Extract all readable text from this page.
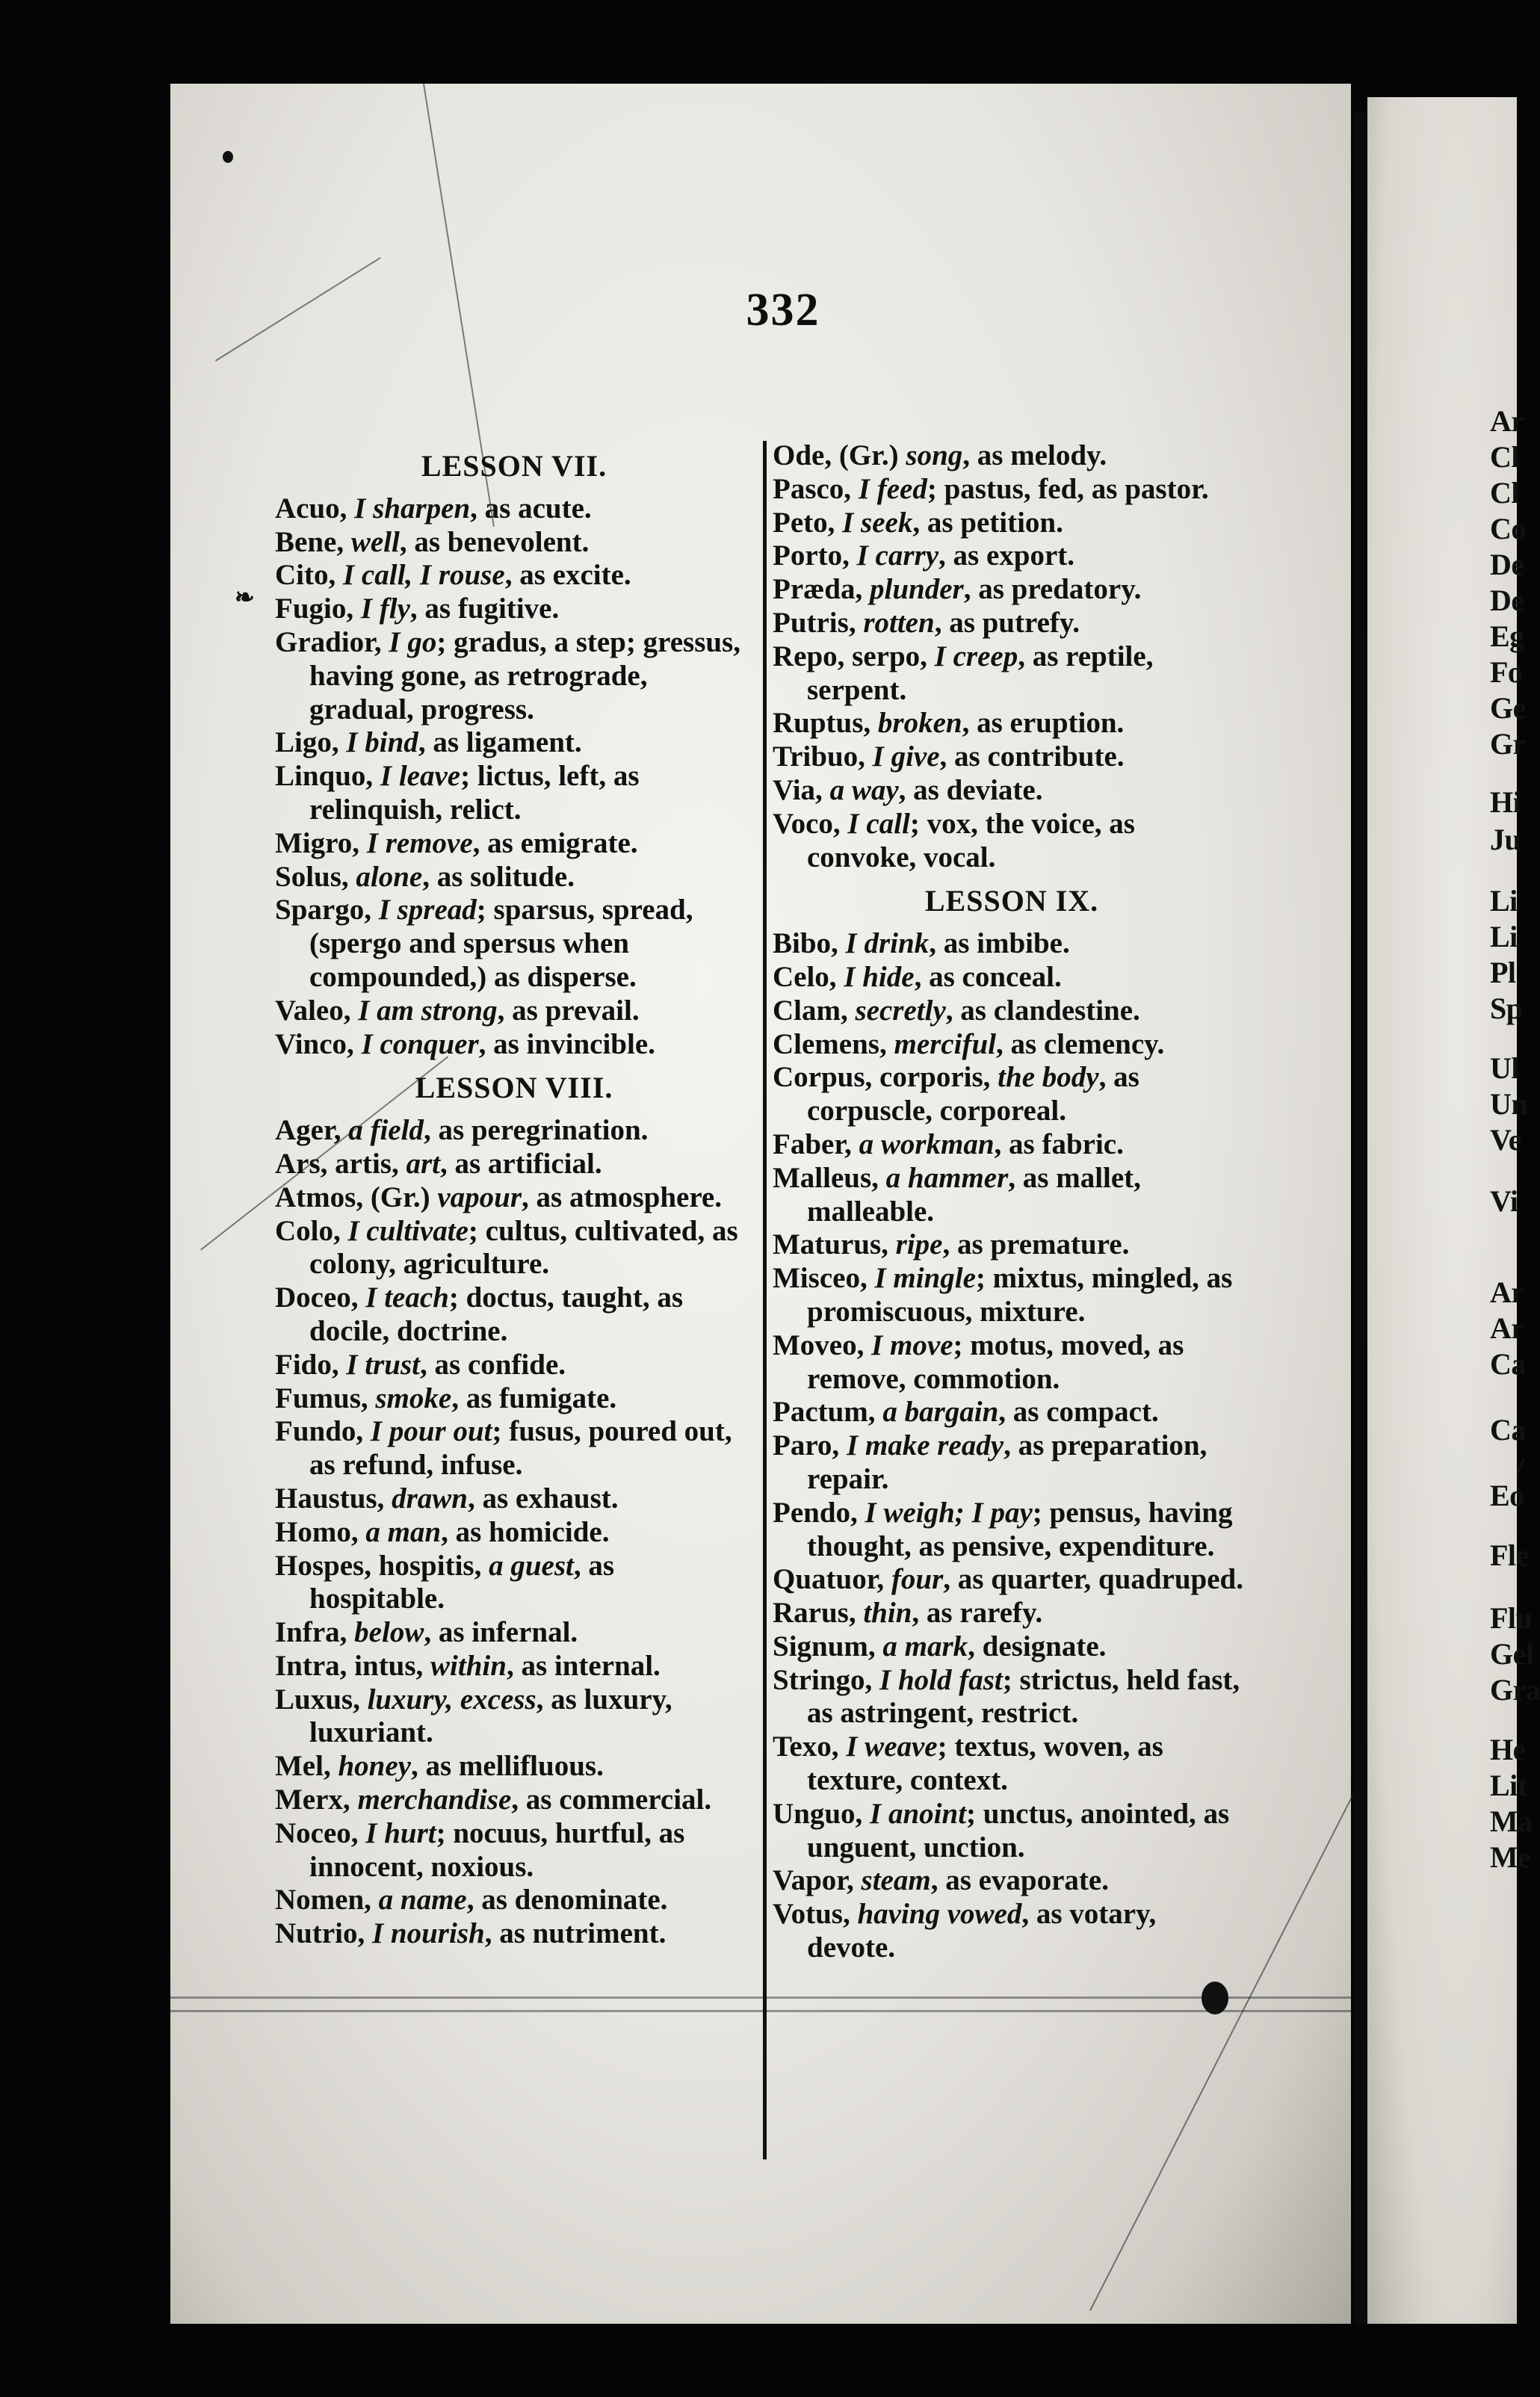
332
❧
LESSON VII.

Acuo, I sharpen, as acute.

Bene, well, as benevolent.

Cito, I call, I rouse, as excite.

Fugio, I fly, as fugitive.

Gradior, I go; gradus, a step; gressus, having gone, as retrograde, gradual, progress.

Ligo, I bind, as ligament.

Linquo, I leave; lictus, left, as relinquish, relict.

Migro, I remove, as emigrate.

Solus, alone, as solitude.

Spargo, I spread; sparsus, spread, (spergo and spersus when compounded,) as disperse.

Valeo, I am strong, as prevail.

Vinco, I conquer, as invincible.

LESSON VIII.

Ager, a field, as peregrination.

Ars, artis, art, as artificial.

Atmos, (Gr.) vapour, as atmosphere.

Colo, I cultivate; cultus, cultivated, as colony, agriculture.

Doceo, I teach; doctus, taught, as docile, doctrine.

Fido, I trust, as confide.

Fumus, smoke, as fumigate.

Fundo, I pour out; fusus, poured out, as refund, infuse.

Haustus, drawn, as exhaust.

Homo, a man, as homicide.

Hospes, hospitis, a guest, as hospitable.

Infra, below, as infernal.

Intra, intus, within, as internal.

Luxus, luxury, excess, as luxury, luxuriant.

Mel, honey, as mellifluous.

Merx, merchandise, as commercial.

Noceo, I hurt; nocuus, hurtful, as innocent, noxious.

Nomen, a name, as denominate.

Nutrio, I nourish, as nutriment.

Ode, (Gr.) song, as melody.

Pasco, I feed; pastus, fed, as pastor.

Peto, I seek, as petition.

Porto, I carry, as export.

Præda, plunder, as predatory.

Putris, rotten, as putrefy.

Repo, serpo, I creep, as reptile, serpent.

Ruptus, broken, as eruption.

Tribuo, I give, as contribute.

Via, a way, as deviate.

Voco, I call; vox, the voice, as convoke, vocal.

LESSON IX.

Bibo, I drink, as imbibe.

Celo, I hide, as conceal.

Clam, secretly, as clandestine.

Clemens, merciful, as clemency.

Corpus, corporis, the body, as corpuscle, corporeal.

Faber, a workman, as fabric.

Malleus, a hammer, as mallet, malleable.

Maturus, ripe, as premature.

Misceo, I mingle; mixtus, mingled, as promiscuous, mixture.

Moveo, I move; motus, moved, as remove, commotion.

Pactum, a bargain, as compact.

Paro, I make ready, as preparation, repair.

Pendo, I weigh; I pay; pensus, having thought, as pensive, expenditure.

Quatuor, four, as quarter, quadruped.

Rarus, thin, as rarefy.

Signum, a mark, designate.

Stringo, I hold fast; strictus, held fast, as astringent, restrict.

Texo, I weave; textus, woven, as texture, context.

Unguo, I anoint; unctus, anointed, as unguent, unction.

Vapor, steam, as evaporate.

Votus, having vowed, as votary, devote.

Ar
Cl
Cl
Co
De
De
Eg
Fo
Ge
Gr
Hi
Ju
Li
Li
Pl
Sp
Ul
Un
Ve
Vi
Ar
Ar
Ca
Ca
Eo
Fle
Flu
Gel
Gra
He
Lit
Ma
Me
